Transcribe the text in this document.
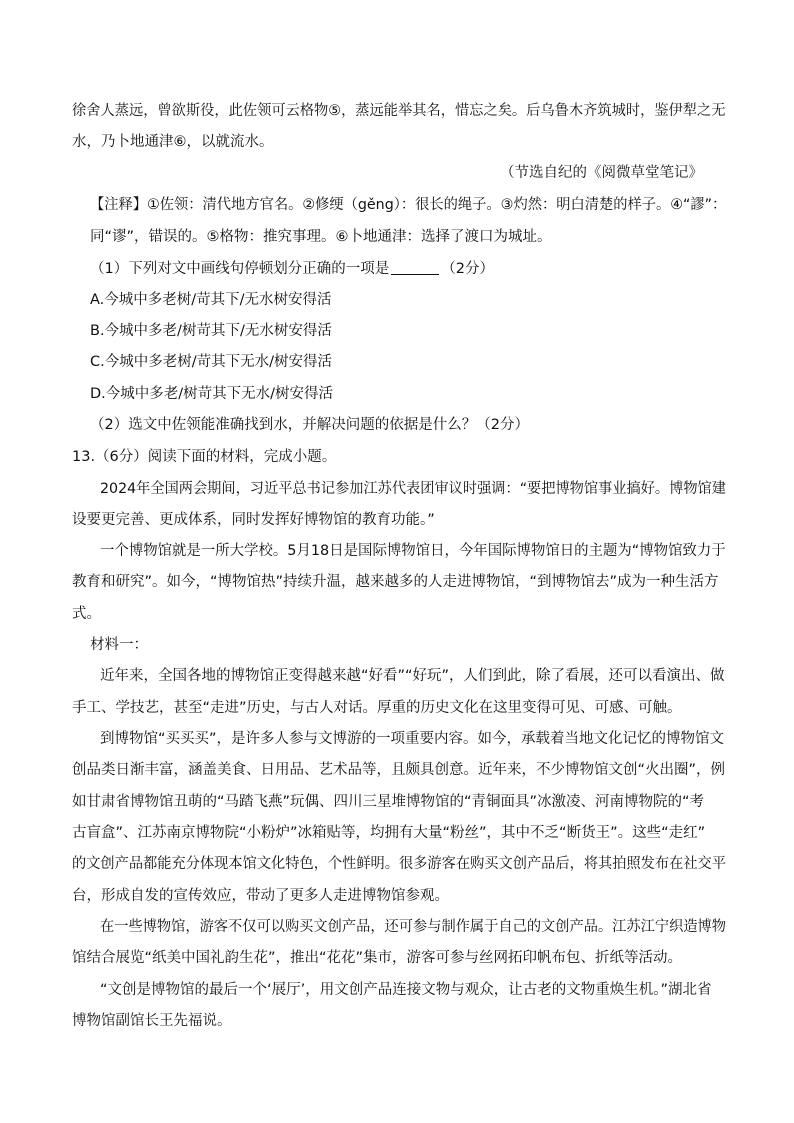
徐舍人蒸远，曾欲斯役，此佐领可云格物⑤，蒸远能举其名，惜忘之矣。后乌鲁木齐筑城时，鉴伊犁之无
水，乃卜地通津⑥，以就流水。
（节选自纪的《阅微草堂笔记》
【注释】①佐领：清代地方官名。②修绠（gěng）：很长的绳子。③灼然：明白清楚的样子。④“謬”：
同“谬”，错误的。⑤格物：推究事理。⑥卜地通津：选择了渡口为城址。
（1）下列对文中画线句停顿划分正确的一项是	（2分）
A.今城中多老树/苛其下/无水树安得活
B.今城中多老/树苛其下/无水树安得活
C.今城中多老树/苛其下无水/树安得活
D.今城中多老/树苛其下无水/树安得活
（2）选文中佐领能准确找到水，并解决问题的依据是什么？（2分）
13.（6分）阅读下面的材料，完成小题。
2024年全国两会期间，习近平总书记参加江苏代表团审议时强调：“要把博物馆事业搞好。博物馆建
设要更完善、更成体系，同时发挥好博物馆的教育功能。”
一个博物馆就是一所大学校。5月18日是国际博物馆日，今年国际博物馆日的主题为“博物馆致力于
教育和研究”。如今，“博物馆热”持续升温，越来越多的人走进博物馆，“到博物馆去”成为一种生活方
式。
材料一：
近年来，全国各地的博物馆正变得越来越“好看”“好玩”，人们到此，除了看展，还可以看演出、做
手工、学技艺，甚至“走进”历史，与古人对话。厚重的历史文化在这里变得可见、可感、可触。
到博物馆“买买买”，是许多人参与文博游的一项重要内容。如今，承载着当地文化记忆的博物馆文
创品类日渐丰富，涵盖美食、日用品、艺术品等，且颇具创意。近年来，不少博物馆文创“火出圈”，例
如甘肃省博物馆丑萌的“马踏飞燕”玩偶、四川三星堆博物馆的“青铜面具”冰激凌、河南博物院的“考
古盲盒”、江苏南京博物院“小粉炉”冰箱贴等，均拥有大量“粉丝”，其中不乏“断货王”。这些“走红”
的文创产品都能充分体现本馆文化特色，个性鲜明。很多游客在购买文创产品后，将其拍照发布在社交平
台，形成自发的宣传效应，带动了更多人走进博物馆参观。
在一些博物馆，游客不仅可以购买文创产品，还可参与制作属于自己的文创产品。江苏江宁织造博物
馆结合展览“纸美中国礼韵生花”，推出“花花”集市，游客可参与丝网拓印帆布包、折纸等活动。
“文创是博物馆的最后一个‘展厅’，用文创产品连接文物与观众，让古老的文物重焕生机。”湖北省
博物馆副馆长王先福说。
